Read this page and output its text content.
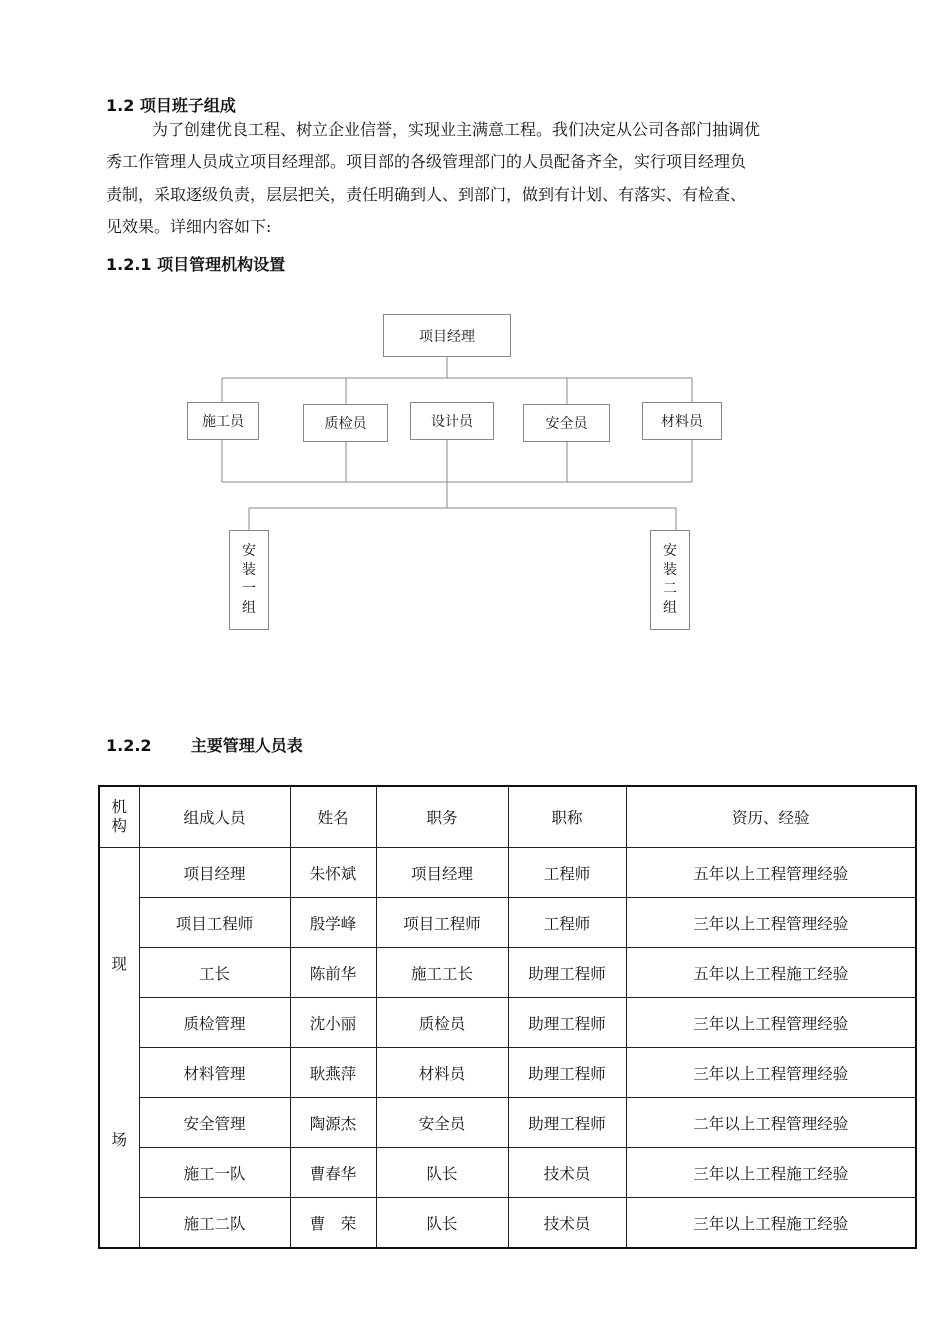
1.2 项目班子组成
为了创建优良工程、树立企业信誉，实现业主满意工程。我们决定从公司各部门抽调优
秀工作管理人员成立项目经理部。项目部的各级管理部门的人员配备齐全，实行项目经理负
责制，采取逐级负责，层层把关，责任明确到人、到部门，做到有计划、有落实、有检查、
见效果。详细内容如下:
1.2.1 项目管理机构设置
项目经理
施工员	质检员	设计员	安全员	材料员
安
装
一
组
安
装
二
组
1.2.2 主要管理人员表
机
构	组成人员	姓名	职务	职称	资历、经验

现
场	项目经理	朱怀斌	项目经理	工程师	五年以上工程管理经验
	项目工程师	殷学峰	项目工程师	工程师	三年以上工程管理经验
	工长	陈前华	施工工长	助理工程师	五年以上工程施工经验
	质检管理	沈小丽	质检员	助理工程师	三年以上工程管理经验
	材料管理	耿燕萍	材料员	助理工程师	三年以上工程管理经验
	安全管理	陶源杰	安全员	助理工程师	二年以上工程管理经验
	施工一队	曹春华	队长	技术员	三年以上工程施工经验
	施工二队	曹　荣	队长	技术员	三年以上工程施工经验
